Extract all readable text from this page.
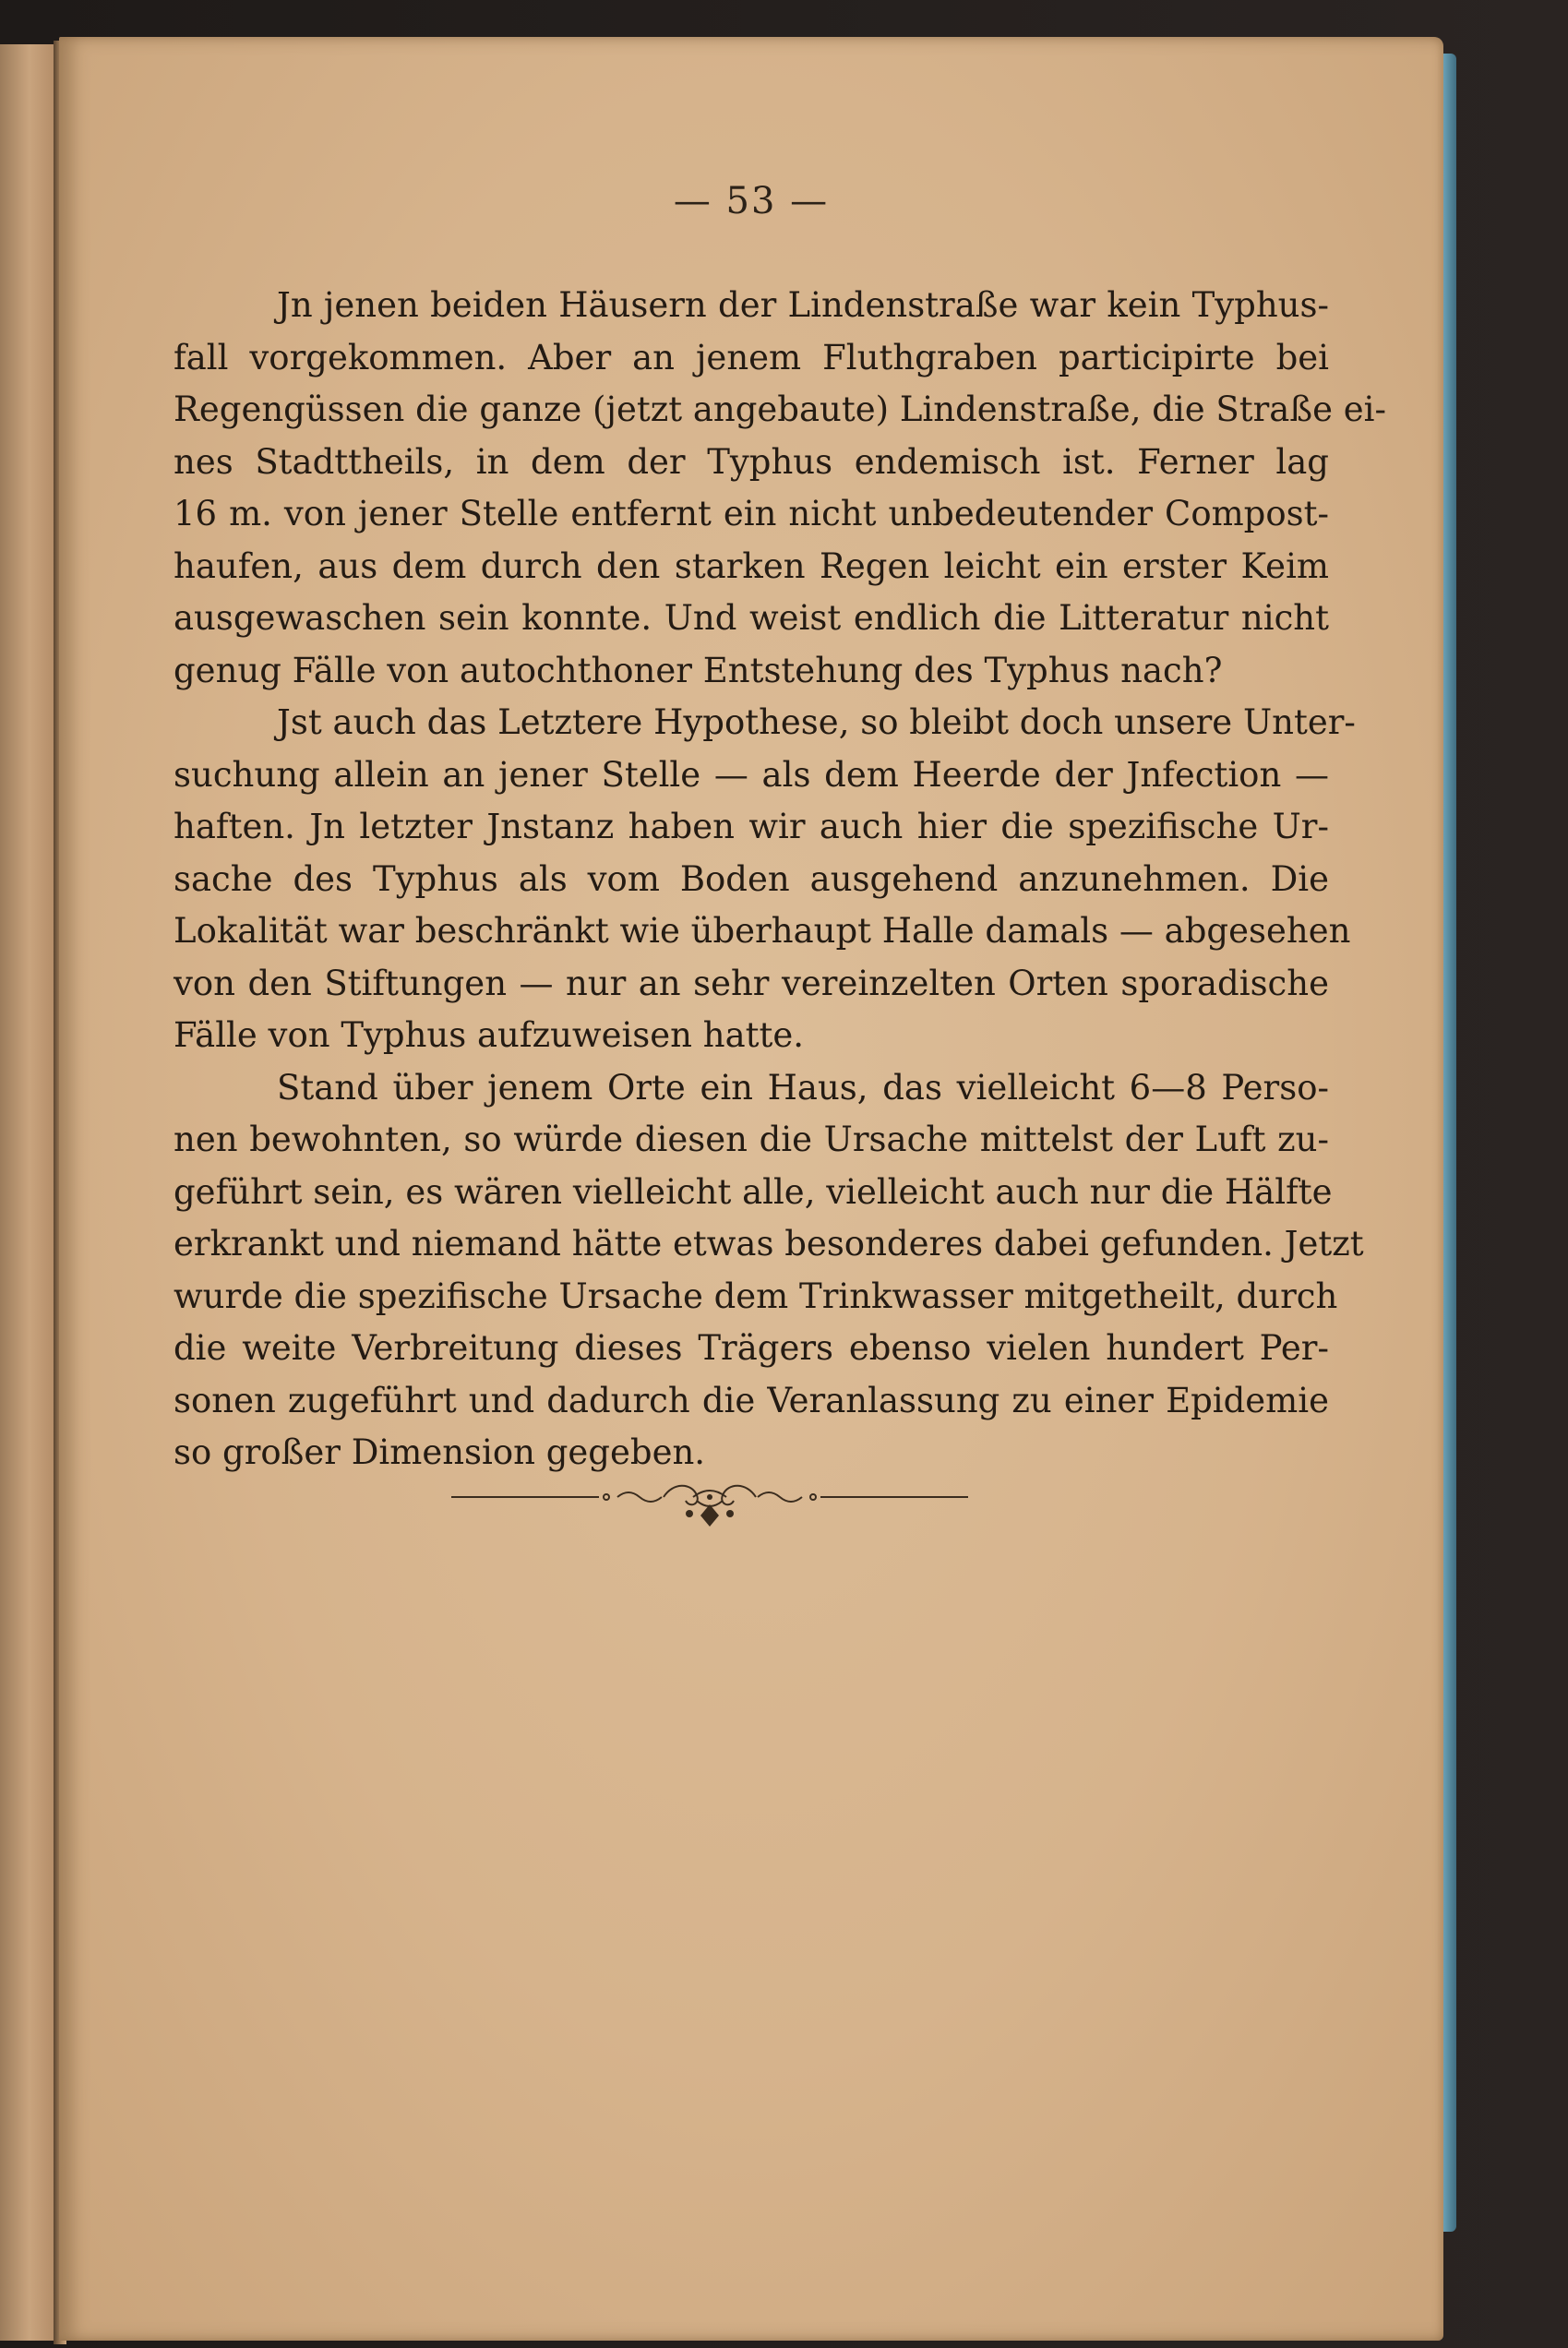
— 53 —
Jn jenen beiden Häusern der Lindenstraße war kein Typhus-
fall vorgekommen. Aber an jenem Fluthgraben participirte bei
Regengüssen die ganze (jetzt angebaute) Lindenstraße, die Straße ei-
nes Stadttheils, in dem der Typhus endemisch ist. Ferner lag
16 m. von jener Stelle entfernt ein nicht unbedeutender Compost-
haufen, aus dem durch den starken Regen leicht ein erster Keim
ausgewaschen sein konnte. Und weist endlich die Litteratur nicht
genug Fälle von autochthoner Entstehung des Typhus nach?
Jst auch das Letztere Hypothese, so bleibt doch unsere Unter-
suchung allein an jener Stelle — als dem Heerde der Jnfection —
haften. Jn letzter Jnstanz haben wir auch hier die spezifische Ur-
sache des Typhus als vom Boden ausgehend anzunehmen. Die
Lokalität war beschränkt wie überhaupt Halle damals — abgesehen
von den Stiftungen — nur an sehr vereinzelten Orten sporadische
Fälle von Typhus aufzuweisen hatte.
Stand über jenem Orte ein Haus, das vielleicht 6—8 Perso-
nen bewohnten, so würde diesen die Ursache mittelst der Luft zu-
geführt sein, es wären vielleicht alle, vielleicht auch nur die Hälfte
erkrankt und niemand hätte etwas besonderes dabei gefunden. Jetzt
wurde die spezifische Ursache dem Trinkwasser mitgetheilt, durch
die weite Verbreitung dieses Trägers ebenso vielen hundert Per-
sonen zugeführt und dadurch die Veranlassung zu einer Epidemie
so großer Dimension gegeben.
